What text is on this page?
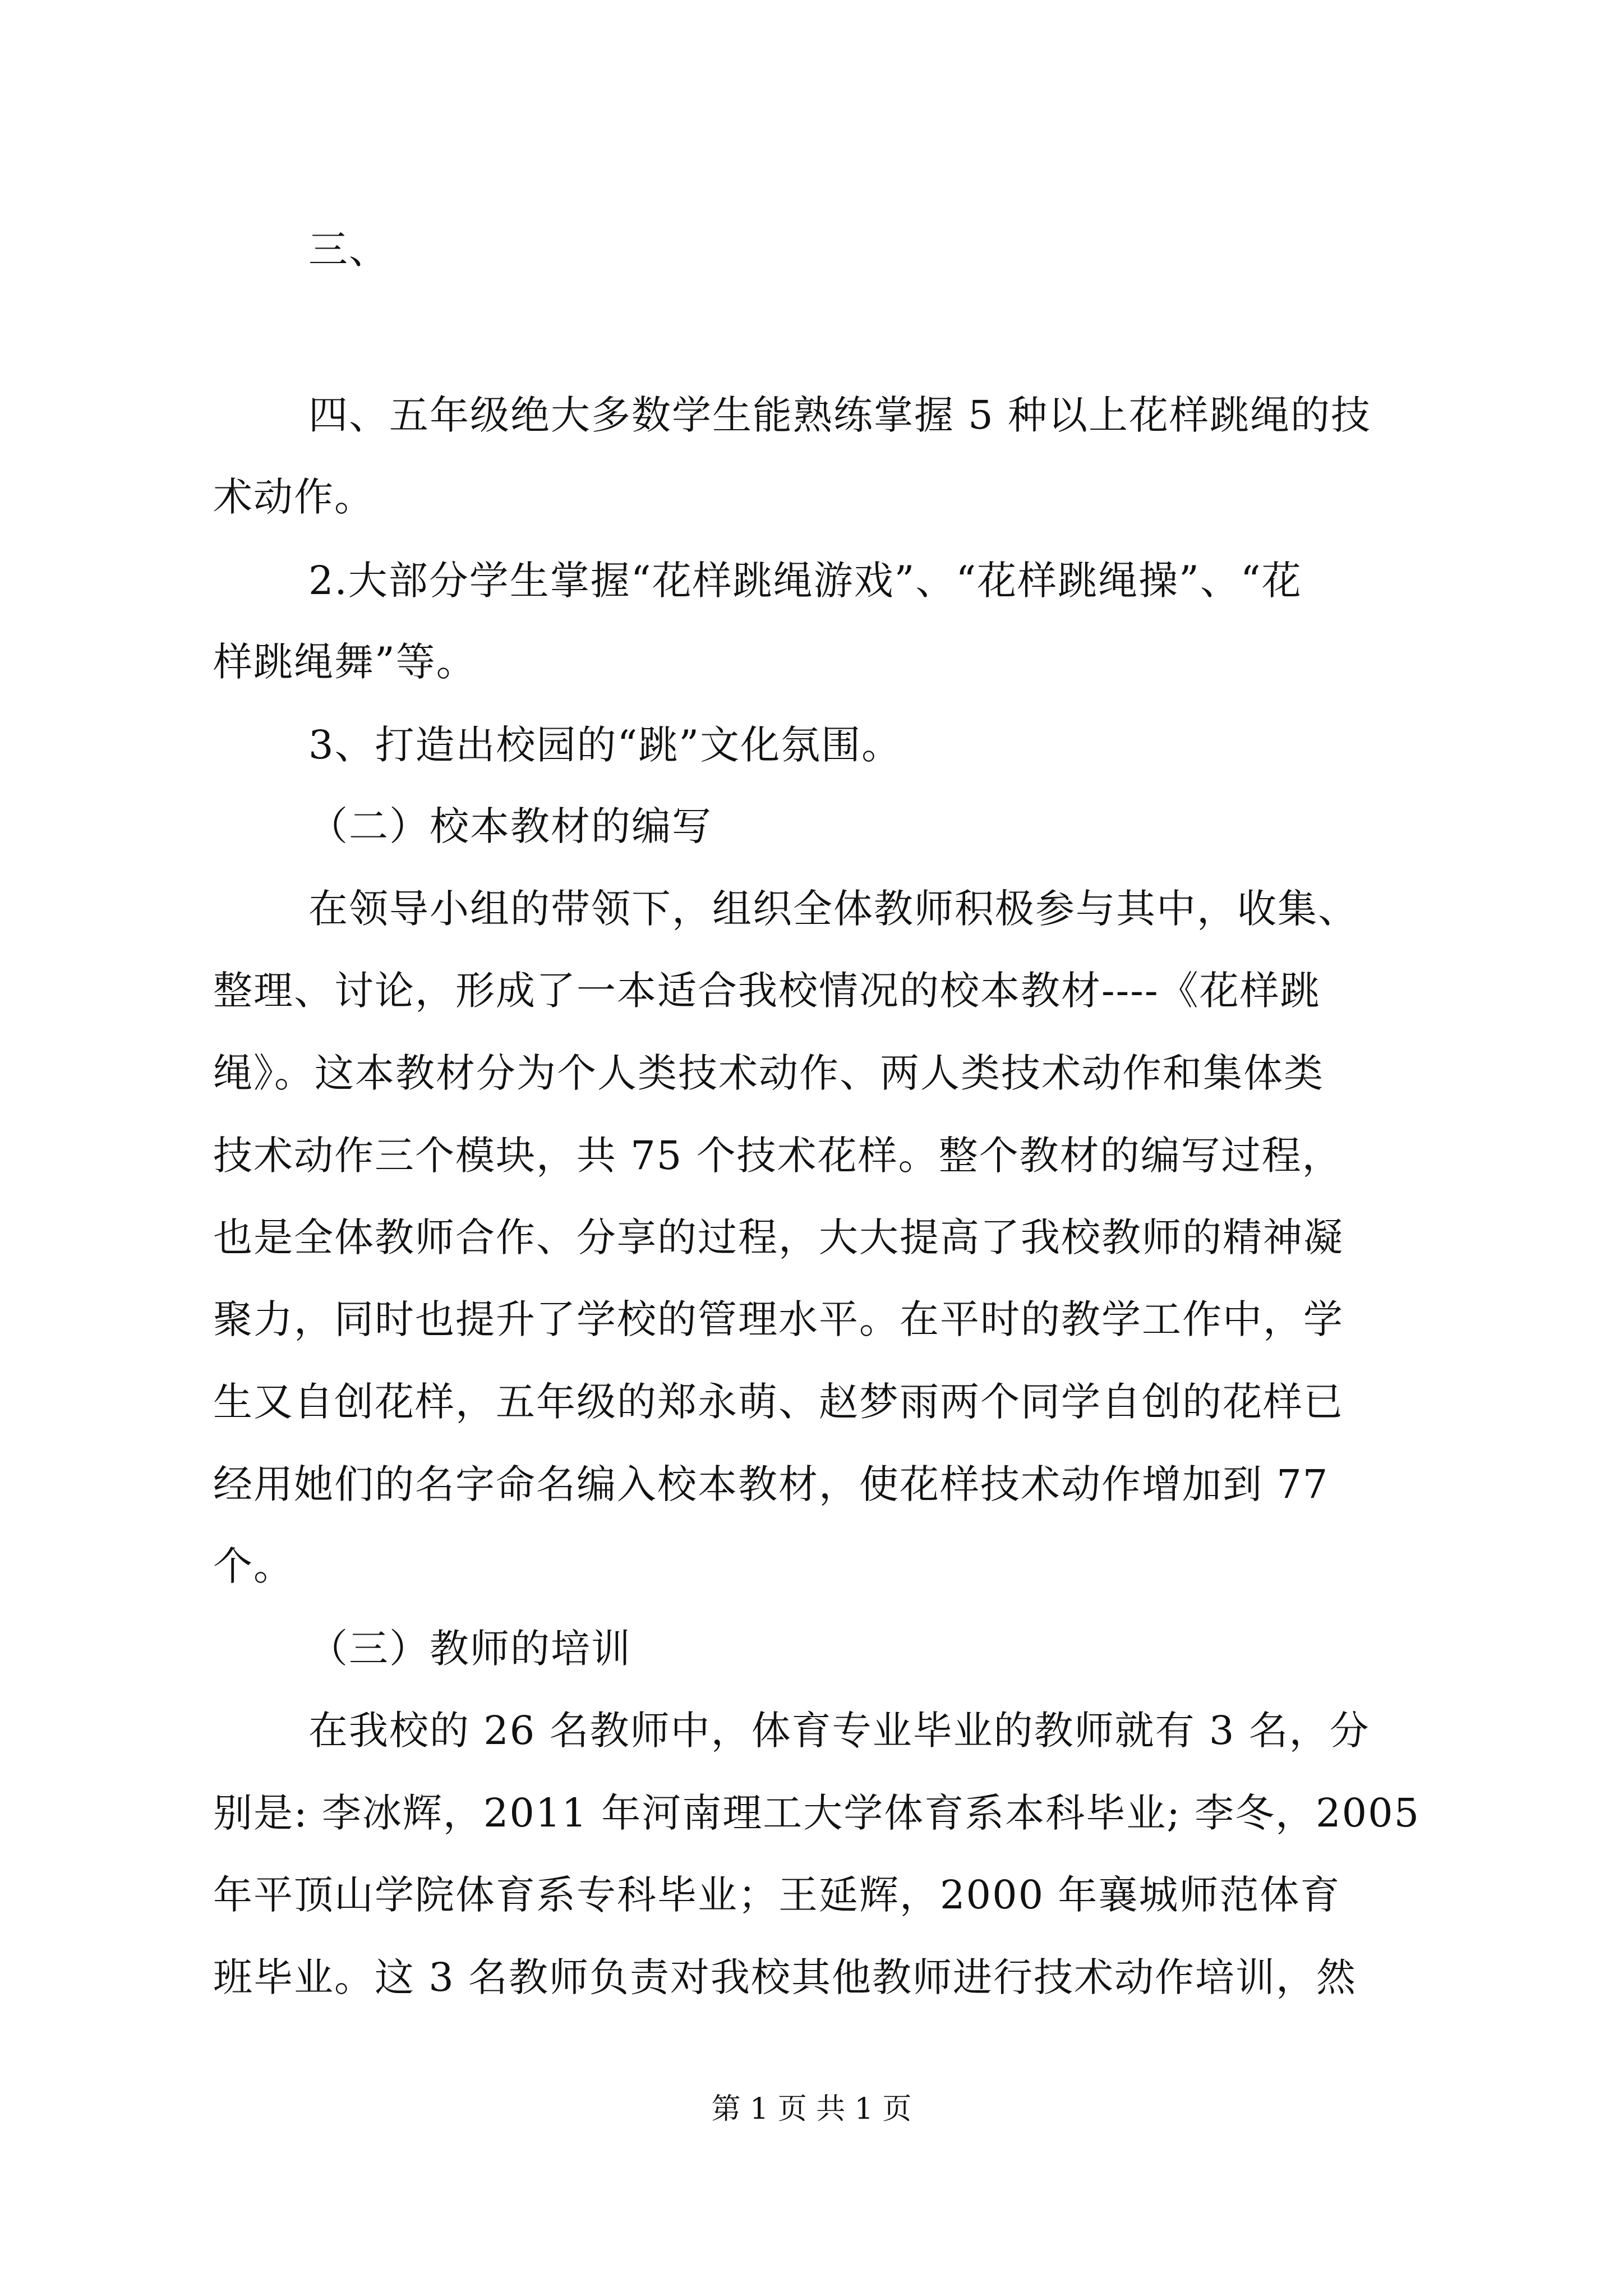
三、

四、五年级绝大多数学生能熟练掌握 5 种以上花样跳绳的技

术动作。

2.大部分学生掌握“花样跳绳游戏”、“花样跳绳操”、“花

样跳绳舞”等。

3、打造出校园的“跳”文化氛围。

（二）校本教材的编写

在领导小组的带领下，组织全体教师积极参与其中，收集、

整理、讨论，形成了一本适合我校情况的校本教材----《花样跳

绳》。这本教材分为个人类技术动作、两人类技术动作和集体类

技术动作三个模块，共 75 个技术花样。整个教材的编写过程，

也是全体教师合作、分享的过程，大大提高了我校教师的精神凝

聚力，同时也提升了学校的管理水平。在平时的教学工作中，学

生又自创花样，五年级的郑永萌、赵梦雨两个同学自创的花样已

经用她们的名字命名编入校本教材，使花样技术动作增加到 77

个。

（三）教师的培训

在我校的 26 名教师中，体育专业毕业的教师就有 3 名，分

别是: 李冰辉，2011 年河南理工大学体育系本科毕业; 李冬，2005

年平顶山学院体育系专科毕业；王延辉，2000 年襄城师范体育

班毕业。这 3 名教师负责对我校其他教师进行技术动作培训，然

第 1 页 共 1 页
